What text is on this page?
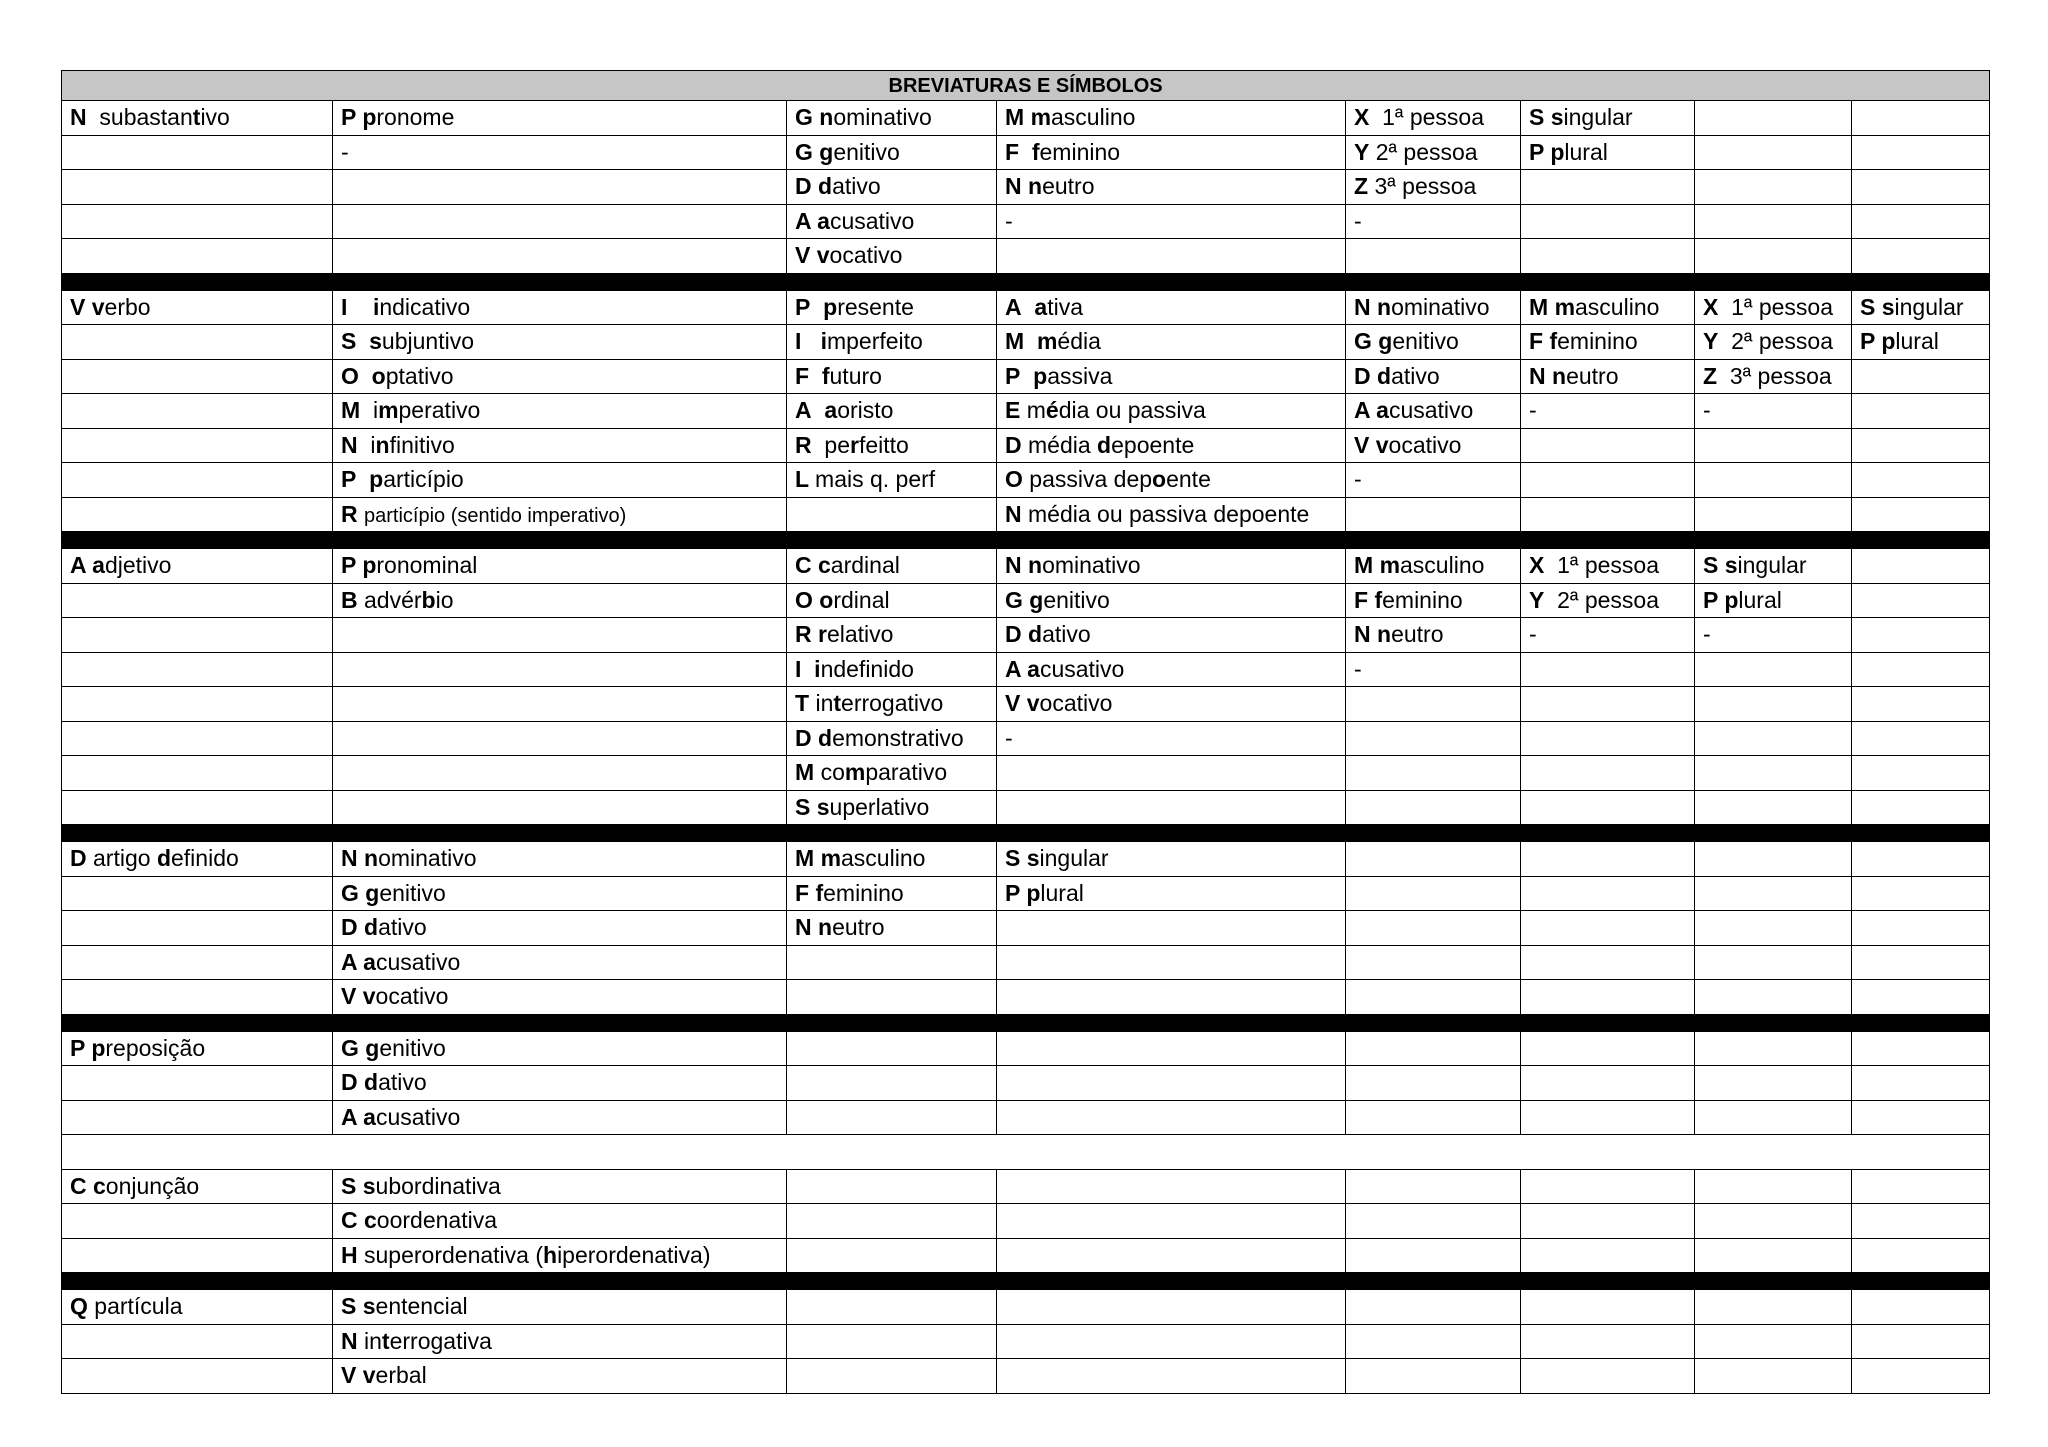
BREVIATURAS E SÍMBOLOS							
N  subastantivo	P pronome	G nominativo	M masculino	X  1ª pessoa	S singular		
	-	G genitivo	F  feminino	Y 2ª pessoa	P plural		
		D dativo	N neutro	Z 3ª pessoa			
		A acusativo	-	-			
		V vocativo					

V verbo	I indicativo	P presente	A ativa	N nominativo	M masculino	X  1ª pessoa	S singular
	S subjuntivo	I imperfeito	M média	G genitivo	F feminino	Y  2ª pessoa	P plural
	O optativo	F futuro	P passiva	D dativo	N neutro	Z  3ª pessoa	
	M  imperativo	A aoristo	E média ou passiva	A acusativo	-	-	
	N  infinitivo	R  perfeitto	D média depoente	V vocativo			
	P particípio	L mais q. perf	O passiva depoente	-			
	R particípio (sentido imperativo)		N média ou passiva depoente				

A adjetivo	P pronominal	C cardinal	N nominativo	M masculino	X  1ª pessoa	S singular	
	B advérbio	O ordinal	G genitivo	F feminino	Y  2ª pessoa	P plural	
		R relativo	D dativo	N neutro	-	-	
		I indefinido	A acusativo	-			
		T interrogativo	V vocativo				
		D demonstrativo	-				
		M comparativo					
		S superlativo					

D artigo definido	N nominativo	M masculino	S singular				
	G genitivo	F feminino	P plural				
	D dativo	N neutro					
	A acusativo						
	V vocativo						

P preposição	G genitivo						
	D dativo						
	A acusativo						

C conjunção	S subordinativa						
	C coordenativa						
	H superordenativa (hiperordenativa)						

Q partícula	S sentencial						
	N interrogativa						
	V verbal						
